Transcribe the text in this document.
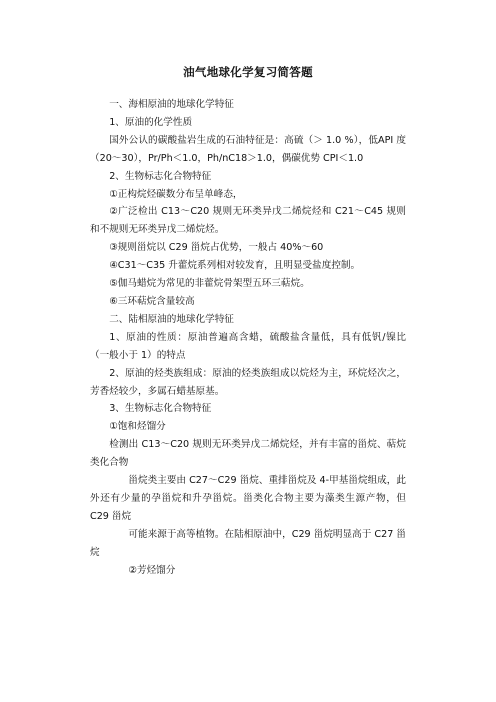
油气地球化学复习简答题

一、海相原油的地球化学特征

1、原油的化学性质

国外公认的碳酸盐岩生成的石油特征是：高硫（＞ 1.0 %），低API 度（20～30），Pr/Ph＜1.0，Ph/nC18＞1.0，偶碳优势 CPI＜1.0

2、生物标志化合物特征

①正构烷烃碳数分布呈单峰态，

②广泛检出 C13～C20 规则无环类异戊二烯烷烃和 C21～C45 规则和不规则无环类异戊二烯烷烃。

③规则甾烷以 C29 甾烷占优势，一般占 40%～60

④C31～C35 升藿烷系列相对较发育，且明显受盐度控制。

⑤伽马蜡烷为常见的非藿烷骨架型五环三萜烷。

⑥三环萜烷含量较高

二、陆相原油的地球化学特征

1、原油的性质：原油普遍高含蜡，硫酸盐含量低，具有低钒/镍比（一般小于 1）的特点

2、原油的烃类族组成：原油的烃类族组成以烷烃为主，环烷烃次之，芳香烃较少，多属石蜡基原基。

3、生物标志化合物特征

①饱和烃馏分

检测出 C13～C20 规则无环类异戊二烯烷烃，并有丰富的甾烷、萜烷类化合物

甾烷类主要由 C27～C29 甾烷、重排甾烷及 4-甲基甾烷组成，此外还有少量的孕甾烷和升孕甾烷。甾类化合物主要为藻类生源产物，但 C29 甾烷

可能来源于高等植物。在陆相原油中，C29 甾烷明显高于 C27 甾烷

②芳烃馏分
